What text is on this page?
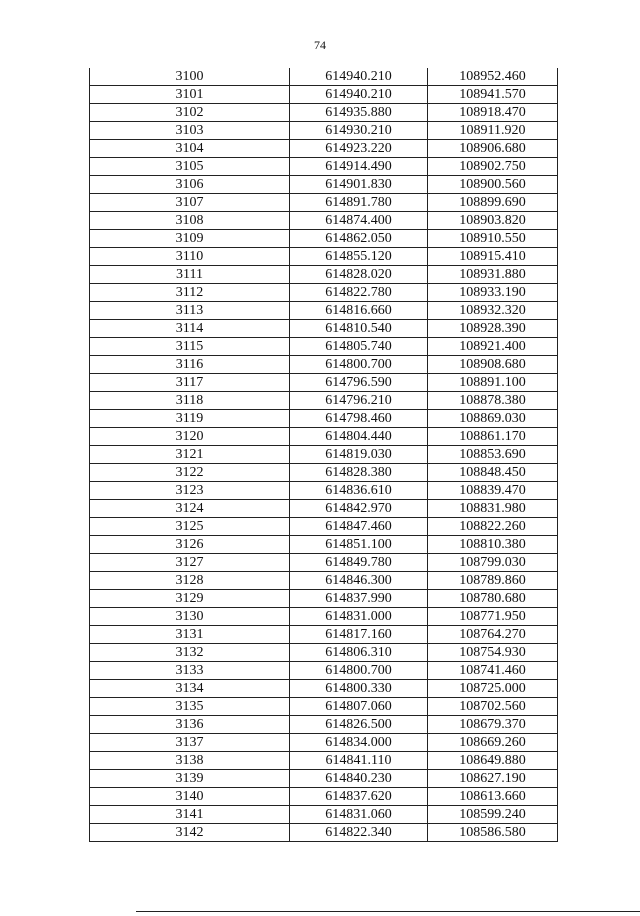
74
3100	614940.210	108952.460
3101	614940.210	108941.570
3102	614935.880	108918.470
3103	614930.210	108911.920
3104	614923.220	108906.680
3105	614914.490	108902.750
3106	614901.830	108900.560
3107	614891.780	108899.690
3108	614874.400	108903.820
3109	614862.050	108910.550
3110	614855.120	108915.410
3111	614828.020	108931.880
3112	614822.780	108933.190
3113	614816.660	108932.320
3114	614810.540	108928.390
3115	614805.740	108921.400
3116	614800.700	108908.680
3117	614796.590	108891.100
3118	614796.210	108878.380
3119	614798.460	108869.030
3120	614804.440	108861.170
3121	614819.030	108853.690
3122	614828.380	108848.450
3123	614836.610	108839.470
3124	614842.970	108831.980
3125	614847.460	108822.260
3126	614851.100	108810.380
3127	614849.780	108799.030
3128	614846.300	108789.860
3129	614837.990	108780.680
3130	614831.000	108771.950
3131	614817.160	108764.270
3132	614806.310	108754.930
3133	614800.700	108741.460
3134	614800.330	108725.000
3135	614807.060	108702.560
3136	614826.500	108679.370
3137	614834.000	108669.260
3138	614841.110	108649.880
3139	614840.230	108627.190
3140	614837.620	108613.660
3141	614831.060	108599.240
3142	614822.340	108586.580
